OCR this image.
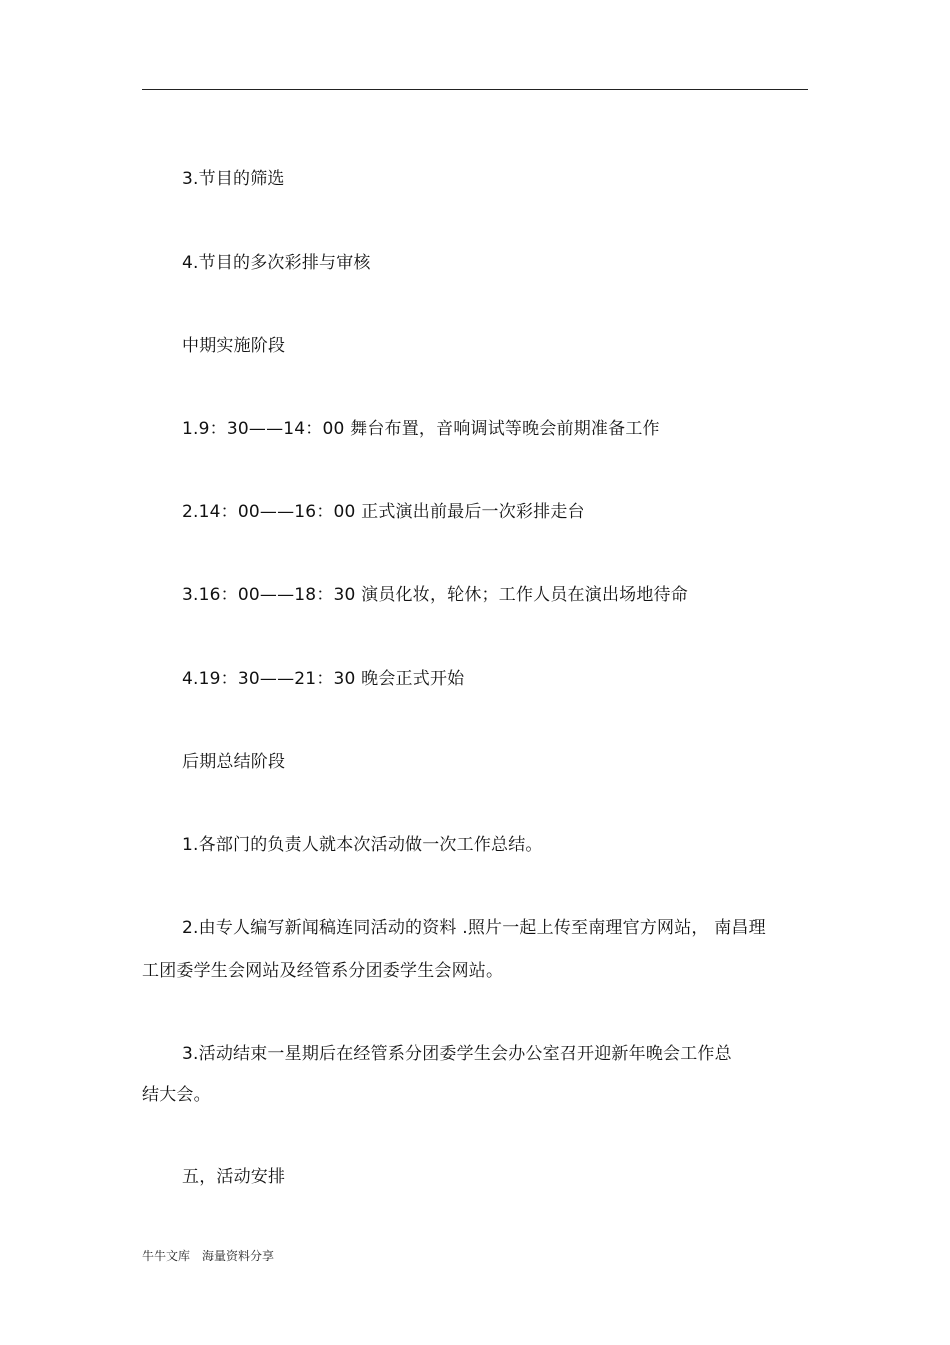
3.节目的筛选
4.节目的多次彩排与审核
中期实施阶段
1.9：30——14：00 舞台布置，音响调试等晚会前期准备工作
2.14：00——16：00 正式演出前最后一次彩排走台
3.16：00——18：30 演员化妆，轮休；工作人员在演出场地待命
4.19：30——21：30 晚会正式开始
后期总结阶段
1.各部门的负责人就本次活动做一次工作总结。
2.由专人编写新闻稿连同活动的资料 .照片一起上传至南理官方网站， 南昌理
工团委学生会网站及经管系分团委学生会网站。
3.活动结束一星期后在经管系分团委学生会办公室召开迎新年晚会工作总
结大会。
五，活动安排
牛牛文库 海量资料分享
